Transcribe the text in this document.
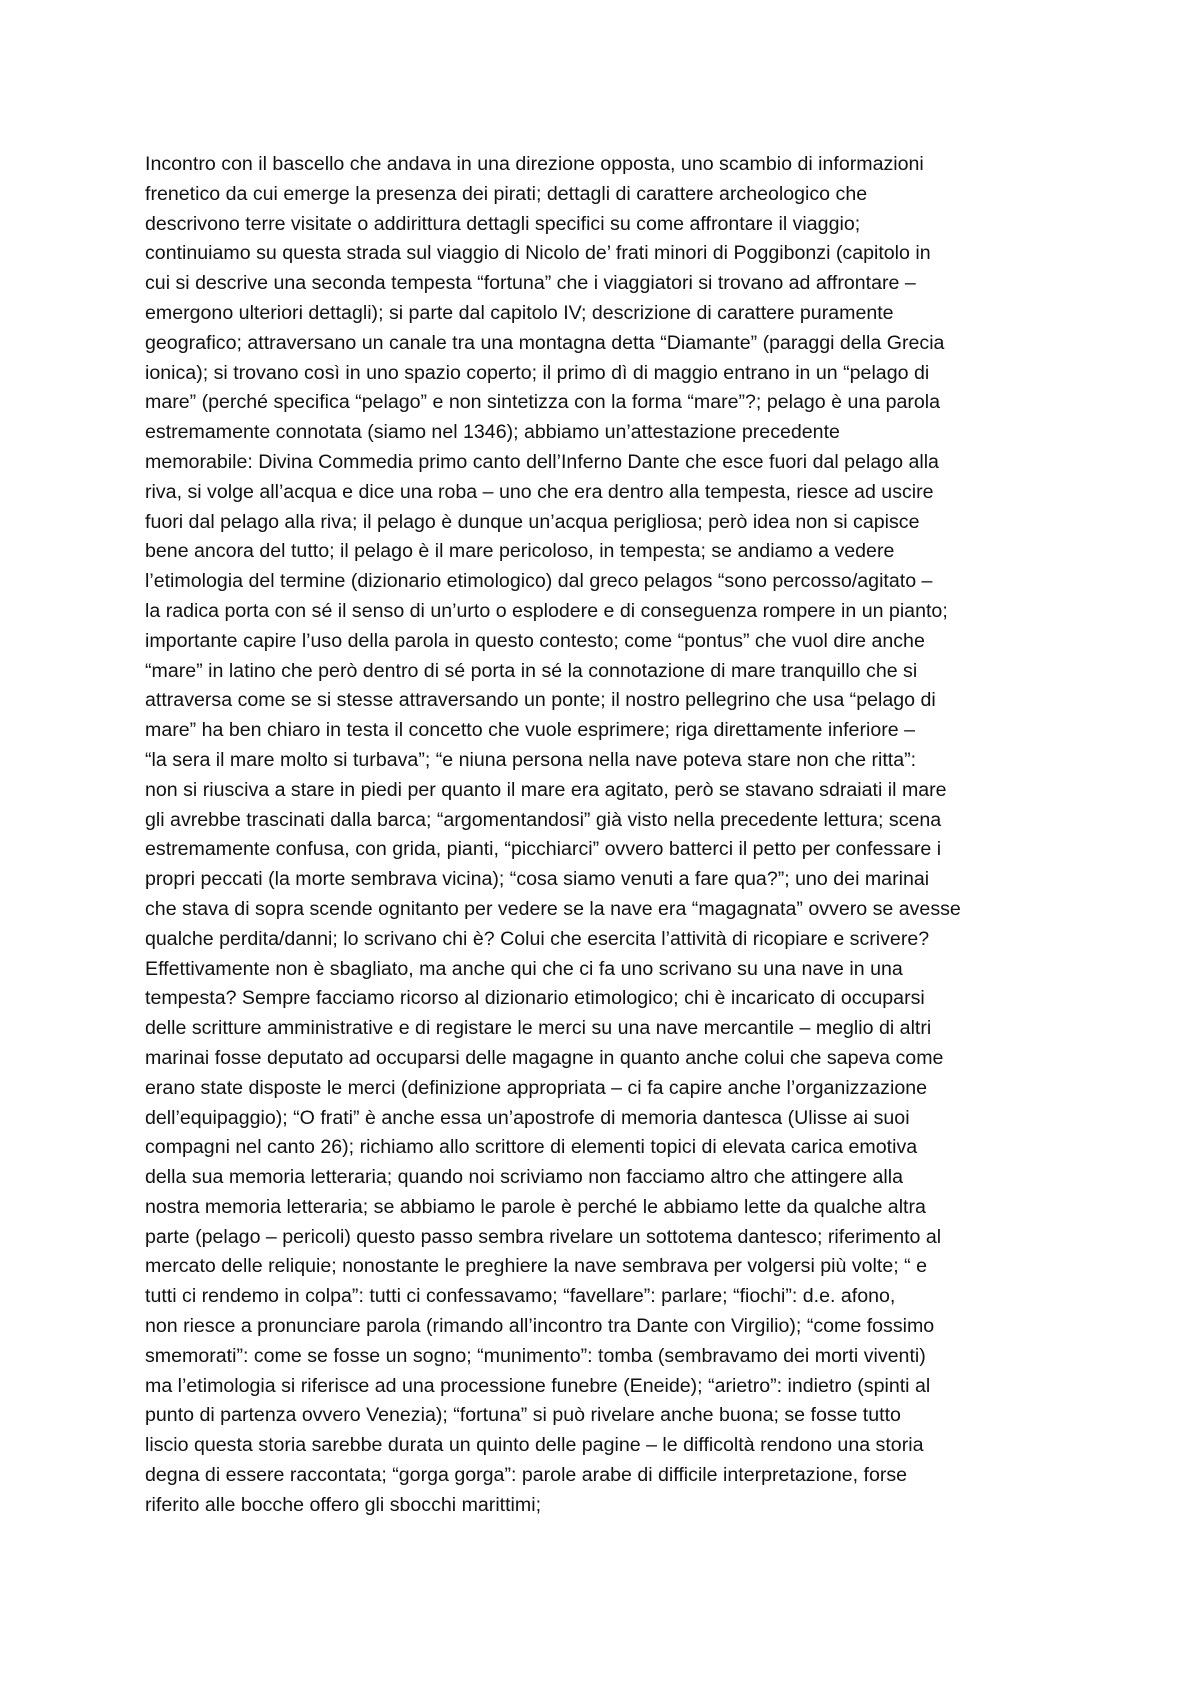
Incontro con il bascello che andava in una direzione opposta, uno scambio di informazioni
frenetico da cui emerge la presenza dei pirati; dettagli di carattere archeologico che
descrivono terre visitate o addirittura dettagli specifici su come affrontare il viaggio;
continuiamo su questa strada sul viaggio di Nicolo de’ frati minori di Poggibonzi (capitolo in
cui si descrive una seconda tempesta “fortuna” che i viaggiatori si trovano ad affrontare –
emergono ulteriori dettagli); si parte dal capitolo IV; descrizione di carattere puramente
geografico; attraversano un canale tra una montagna detta “Diamante” (paraggi della Grecia
ionica); si trovano così in uno spazio coperto; il primo dì di maggio entrano in un “pelago di
mare” (perché specifica “pelago” e non sintetizza con la forma “mare”?; pelago è una parola
estremamente connotata (siamo nel 1346); abbiamo un’attestazione precedente
memorabile: Divina Commedia primo canto dell’Inferno Dante che esce fuori dal pelago alla
riva, si volge all’acqua e dice una roba – uno che era dentro alla tempesta, riesce ad uscire
fuori dal pelago alla riva; il pelago è dunque un’acqua perigliosa; però idea non si capisce
bene ancora del tutto; il pelago è il mare pericoloso, in tempesta; se andiamo a vedere
l’etimologia del termine (dizionario etimologico) dal greco pelagos “sono percosso/agitato –
la radica porta con sé il senso di un’urto o esplodere e di conseguenza rompere in un pianto;
importante capire l’uso della parola in questo contesto; come “pontus” che vuol dire anche
“mare” in latino che però dentro di sé porta in sé la connotazione di mare tranquillo che si
attraversa come se si stesse attraversando un ponte; il nostro pellegrino che usa “pelago di
mare” ha ben chiaro in testa il concetto che vuole esprimere; riga direttamente inferiore –
“la sera il mare molto si turbava”; “e niuna persona nella nave poteva stare non che ritta”:
non si riusciva a stare in piedi per quanto il mare era agitato, però se stavano sdraiati il mare
gli avrebbe trascinati dalla barca; “argomentandosi” già visto nella precedente lettura; scena
estremamente confusa, con grida, pianti, “picchiarci” ovvero batterci il petto per confessare i
propri peccati (la morte sembrava vicina); “cosa siamo venuti a fare qua?”; uno dei marinai
che stava di sopra scende ognitanto per vedere se la nave era “magagnata” ovvero se avesse
qualche perdita/danni; lo scrivano chi è? Colui che esercita l’attività di ricopiare e scrivere?
Effettivamente non è sbagliato, ma anche qui che ci fa uno scrivano su una nave in una
tempesta? Sempre facciamo ricorso al dizionario etimologico; chi è incaricato di occuparsi
delle scritture amministrative e di registare le merci su una nave mercantile – meglio di altri
marinai fosse deputato ad occuparsi delle magagne in quanto anche colui che sapeva come
erano state disposte le merci (definizione appropriata – ci fa capire anche l’organizzazione
dell’equipaggio); “O frati” è anche essa un’apostrofe di memoria dantesca (Ulisse ai suoi
compagni nel canto 26); richiamo allo scrittore di elementi topici di elevata carica emotiva
della sua memoria letteraria; quando noi scriviamo non facciamo altro che attingere alla
nostra memoria letteraria; se abbiamo le parole è perché le abbiamo lette da qualche altra
parte (pelago – pericoli) questo passo sembra rivelare un sottotema dantesco; riferimento al
mercato delle reliquie; nonostante le preghiere la nave sembrava per volgersi più volte; “ e
tutti ci rendemo in colpa”: tutti ci confessavamo; “favellare”: parlare; “fiochi”: d.e. afono,
non riesce a pronunciare parola (rimando all’incontro tra Dante con Virgilio); “come fossimo
smemorati”: come se fosse un sogno; “munimento”: tomba (sembravamo dei morti viventi)
ma l’etimologia si riferisce ad una processione funebre (Eneide); “arietro”: indietro (spinti al
punto di partenza ovvero Venezia); “fortuna” si può rivelare anche buona; se fosse tutto
liscio questa storia sarebbe durata un quinto delle pagine – le difficoltà rendono una storia
degna di essere raccontata; “gorga gorga”: parole arabe di difficile interpretazione, forse
riferito alle bocche offero gli sbocchi marittimi;
